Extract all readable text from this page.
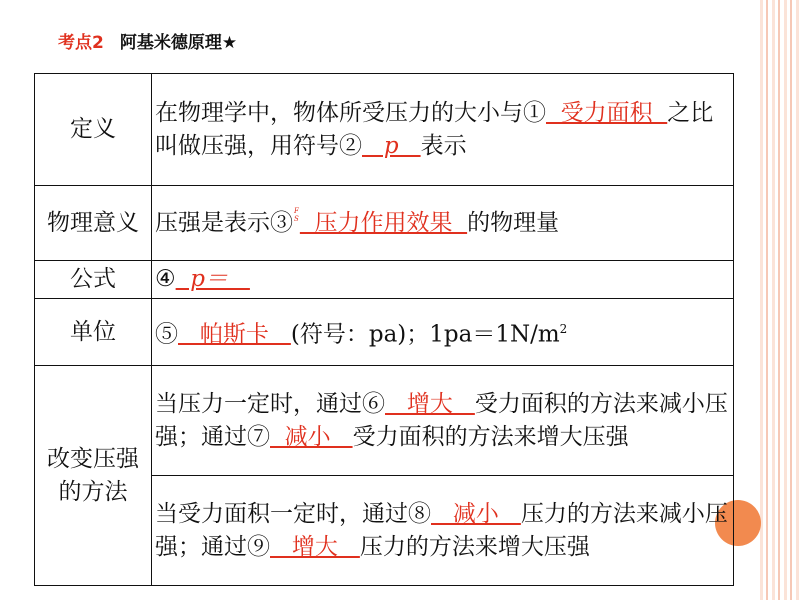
考点2 阿基米德原理★
定义	在物理学中，物体所受压力的大小与①  受力面积  之比叫做压强，用符号②   p   表示
物理意义	压强是表示③F
S  压力作用效果  的物理量
公式	④  p＝
单位	⑤   帕斯卡   (符号：pa)；$1pa=1N/m^2$
改变压强的方法	当压力一定时，通过⑥   增大   受力面积的方法来减小压强；通过⑦  减小   受力面积的方法来增大压强
	当受力面积一定时，通过⑧   减小   压力的方法来减小压强；通过⑨   增大   压力的方法来增大压强
